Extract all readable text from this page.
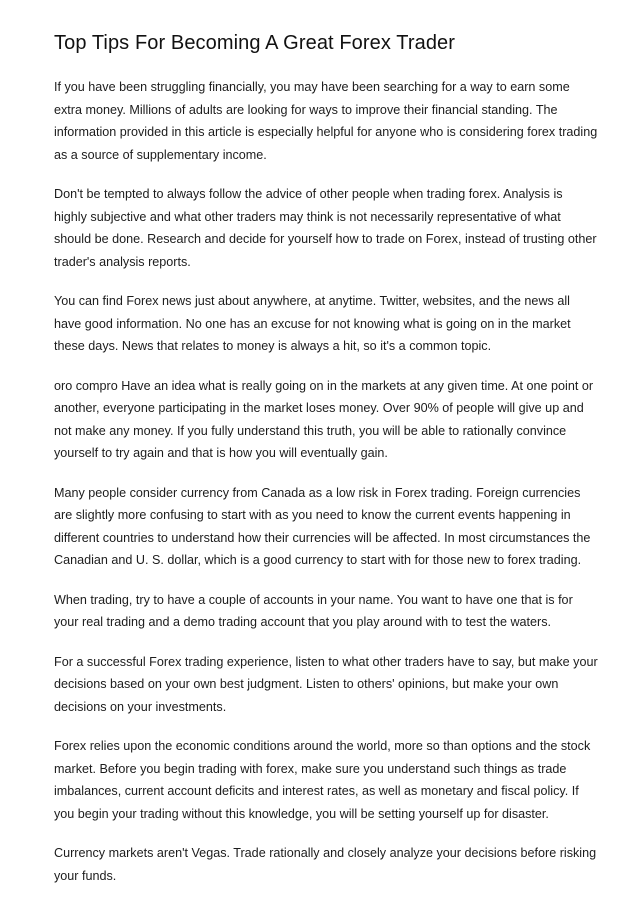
Top Tips For Becoming A Great Forex Trader

If you have been struggling financially, you may have been searching for a way to earn some extra money. Millions of adults are looking for ways to improve their financial standing. The information provided in this article is especially helpful for anyone who is considering forex trading as a source of supplementary income.

Don't be tempted to always follow the advice of other people when trading forex. Analysis is highly subjective and what other traders may think is not necessarily representative of what should be done. Research and decide for yourself how to trade on Forex, instead of trusting other trader's analysis reports.

You can find Forex news just about anywhere, at anytime. Twitter, websites, and the news all have good information. No one has an excuse for not knowing what is going on in the market these days. News that relates to money is always a hit, so it's a common topic.

oro compro Have an idea what is really going on in the markets at any given time. At one point or another, everyone participating in the market loses money. Over 90% of people will give up and not make any money. If you fully understand this truth, you will be able to rationally convince yourself to try again and that is how you will eventually gain.

Many people consider currency from Canada as a low risk in Forex trading. Foreign currencies are slightly more confusing to start with as you need to know the current events happening in different countries to understand how their currencies will be affected. In most circumstances the Canadian and U. S. dollar, which is a good currency to start with for those new to forex trading.

When trading, try to have a couple of accounts in your name. You want to have one that is for your real trading and a demo trading account that you play around with to test the waters.

For a successful Forex trading experience, listen to what other traders have to say, but make your decisions based on your own best judgment. Listen to others' opinions, but make your own decisions on your investments.

Forex relies upon the economic conditions around the world, more so than options and the stock market. Before you begin trading with forex, make sure you understand such things as trade imbalances, current account deficits and interest rates, as well as monetary and fiscal policy. If you begin your trading without this knowledge, you will be setting yourself up for disaster.

Currency markets aren't Vegas. Trade rationally and closely analyze your decisions before risking your funds.
